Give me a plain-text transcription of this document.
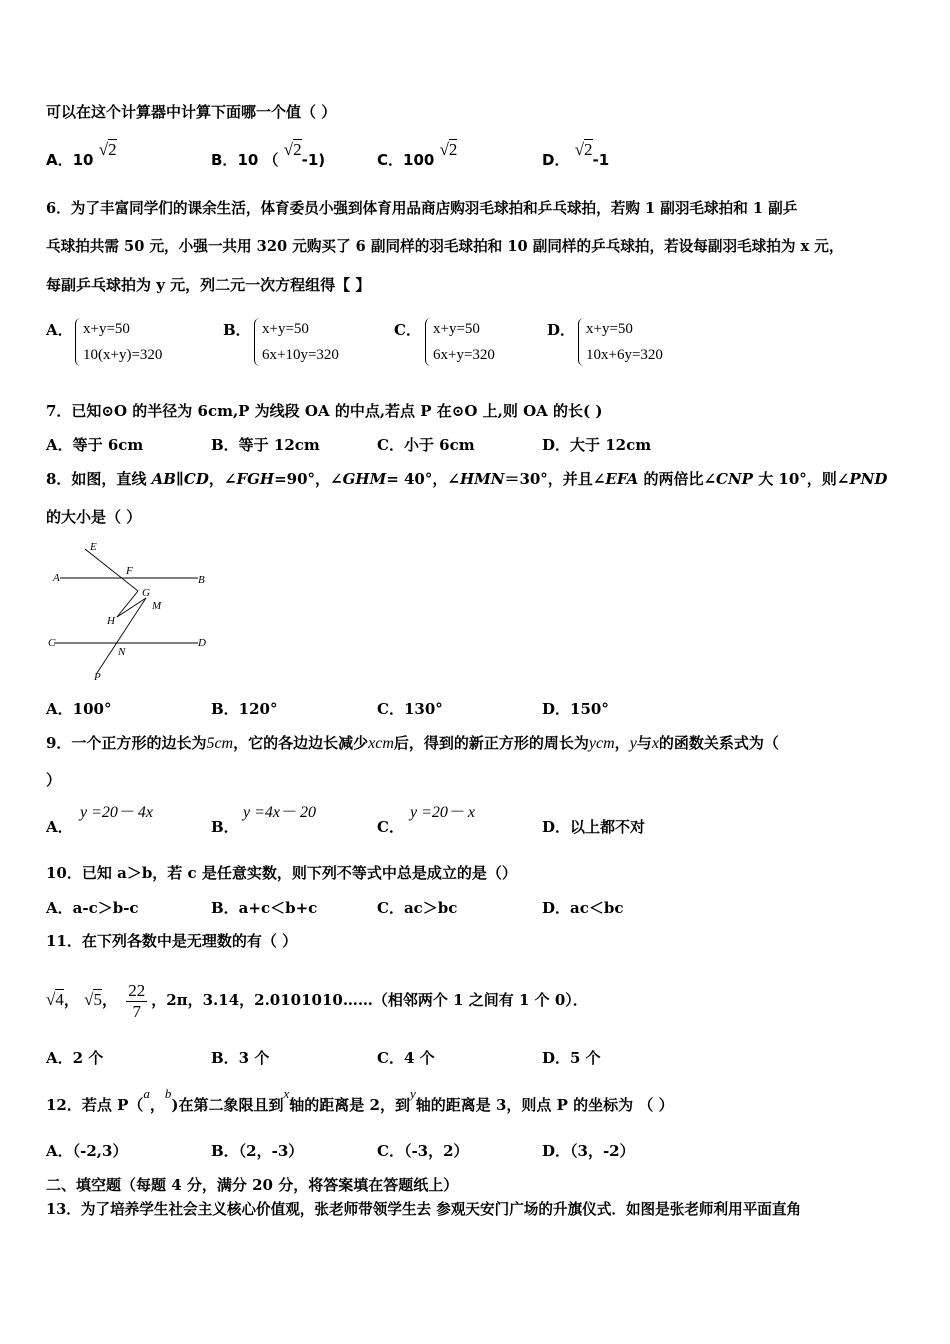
可以在这个计算器中计算下面哪一个值（ ）
A．10 √2
B．10 （ √2-1)	C．100 √2
D． √2-1
6．为了丰富同学们的课余生活，体育委员小强到体育用品商店购羽毛球拍和乒乓球拍，若购 1 副羽毛球拍和 1 副乒
乓球拍共需 50 元，小强一共用 320 元购买了 6 副同样的羽毛球拍和 10 副同样的乒乓球拍，若设每副羽毛球拍为 x 元，
每副乒乓球拍为 y 元，列二元一次方程组得【 】
A． x+y=50
10(x+y)=320
B． x+y=50
6x+10y=320
C． x+y=50
6x+y=320
D． x+y=50
10x+6y=320
7．已知⊙O 的半径为 6cm,P 为线段 OA 的中点,若点 P 在⊙O 上,则 OA 的长( )
A．等于 6cm	B．等于 12cm	C．小于 6cm	D．大于 12cm
8．如图，直线 AB∥CD，∠FGH=90°，∠GHM= 40°，∠HMN＝30°，并且∠EFA 的两倍比∠CNP 大 10°，则∠PND
的大小是（ ）
E
A
F
B
G
M
H
C	D
N
P
A．100°	B．120°	C．130°	D．150°
9．一个正方形的边长为5cm，它的各边边长减少xcm后，得到的新正方形的周长为ycm，y与x的函数关系式为（
）
A．
y =20－ 4x
B．
y =4x－ 20
C．
y =20－ x
D．以上都不对
10．已知 a＞b，若 c 是任意实数，则下列不等式中总是成立的是（）
A．a-c＞b-c	B．a+c＜b+c	C．ac＞bc	D．ac＜bc
11．在下列各数中是无理数的有（ ）
√4， √5， $\frac{22}{7}$ ，2π，3.14，2.0101010……（相邻两个 1 之间有 1 个 0）．
A．2 个	B．3 个	C．4 个	D．5 个
12．若点 P（a，b)在第二象限且到x轴的距离是 2，到y轴的距离是 3，则点 P 的坐标为 （ ）
A．（-2,3）	B．（2，-3）	C．（-3，2）	D．（3，-2）
二、填空题（每题 4 分，满分 20 分，将答案填在答题纸上）
13．为了培养学生社会主义核心价值观，张老师带领学生去 参观天安门广场的升旗仪式．如图是张老师利用平面直角
